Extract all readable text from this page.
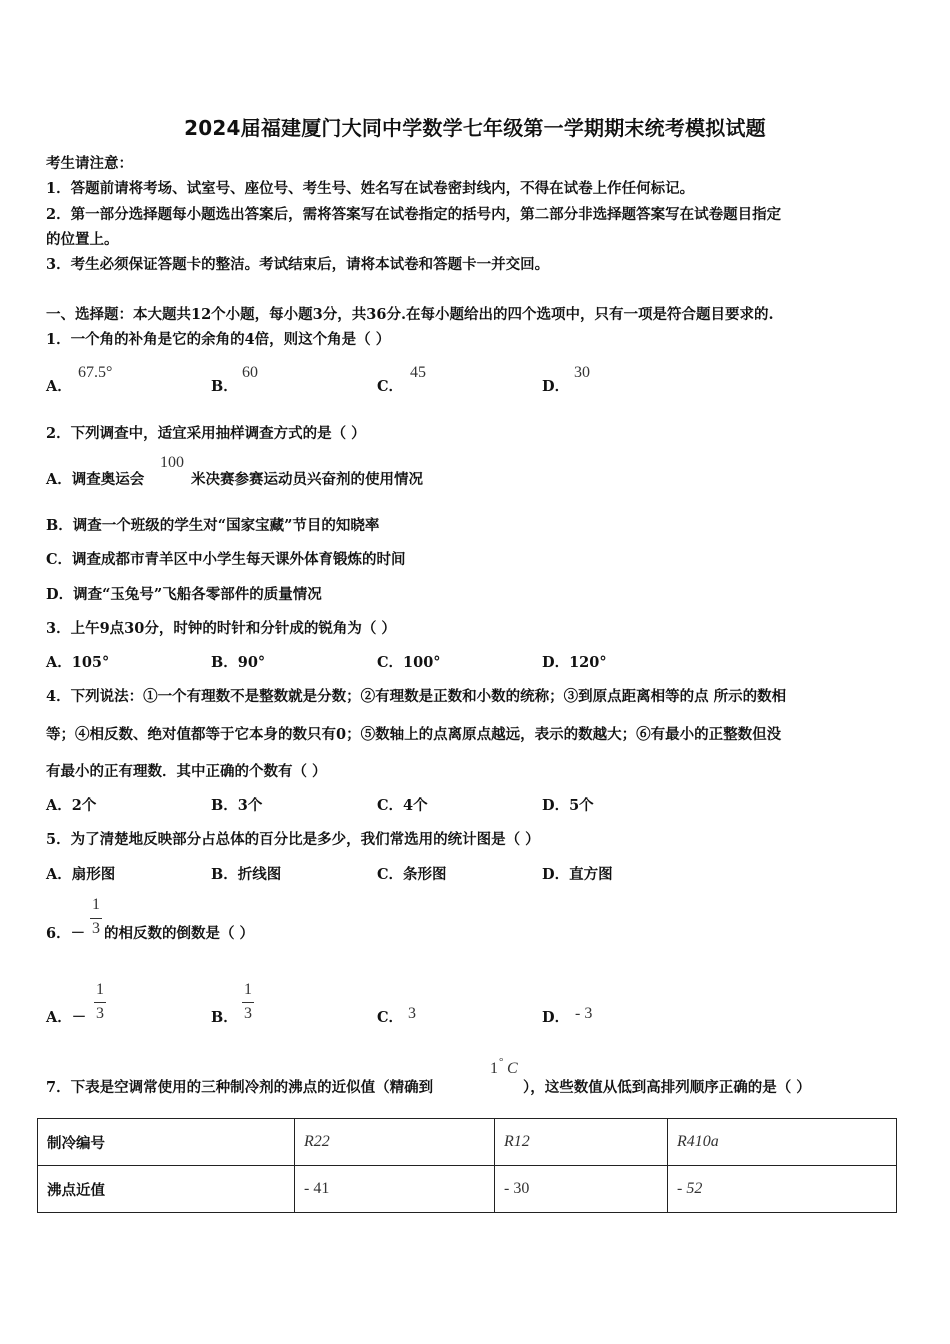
2024届福建厦门大同中学数学七年级第一学期期末统考模拟试题
考生请注意：
1．答题前请将考场、试室号、座位号、考生号、姓名写在试卷密封线内，不得在试卷上作任何标记。
2．第一部分选择题每小题选出答案后，需将答案写在试卷指定的括号内，第二部分非选择题答案写在试卷题目指定
的位置上。
3．考生必须保证答题卡的整洁。考试结束后，请将本试卷和答题卡一并交回。
一、选择题：本大题共12个小题，每小题3分，共36分.在每小题给出的四个选项中，只有一项是符合题目要求的.
1．一个角的补角是它的余角的4倍，则这个角是（ ）
A．
67.5°
B．
60
C．
45
D．
30
2．下列调查中，适宜采用抽样调查方式的是（ ）
A．调查奥运会
100
米决赛参赛运动员兴奋剂的使用情况
B．调查一个班级的学生对“国家宝藏”节目的知晓率
C．调查成都市青羊区中小学生每天课外体育锻炼的时间
D．调查“玉兔号”飞船各零部件的质量情况
3．上午9点30分，时钟的时针和分针成的锐角为（ ）
A．105°	B．90°	C．100°	D．120°
4．下列说法：①一个有理数不是整数就是分数；②有理数是正数和小数的统称；③到原点距离相等的点 所示的数相
等；④相反数、绝对值都等于它本身的数只有0；⑤数轴上的点离原点越远，表示的数越大；⑥有最小的正整数但没
有最小的正有理数．其中正确的个数有（ ）
A．2个	B．3个	C．4个	D．5个
5．为了清楚地反映部分占总体的百分比是多少，我们常选用的统计图是（ ）
A．扇形图	B．折线图	C．条形图	D．直方图
6．－
1
3 的相反数的倒数是（ ）
A．－
1
3	B．
1
3	C． 3	D． - 3
7．下表是空调常使用的三种制冷剂的沸点的近似值（精确到
1 ° C
），这些数值从低到高排列顺序正确的是（ ）
制冷编号	R22	R12	R410a
沸点近值	- 41	- 30	- 52
